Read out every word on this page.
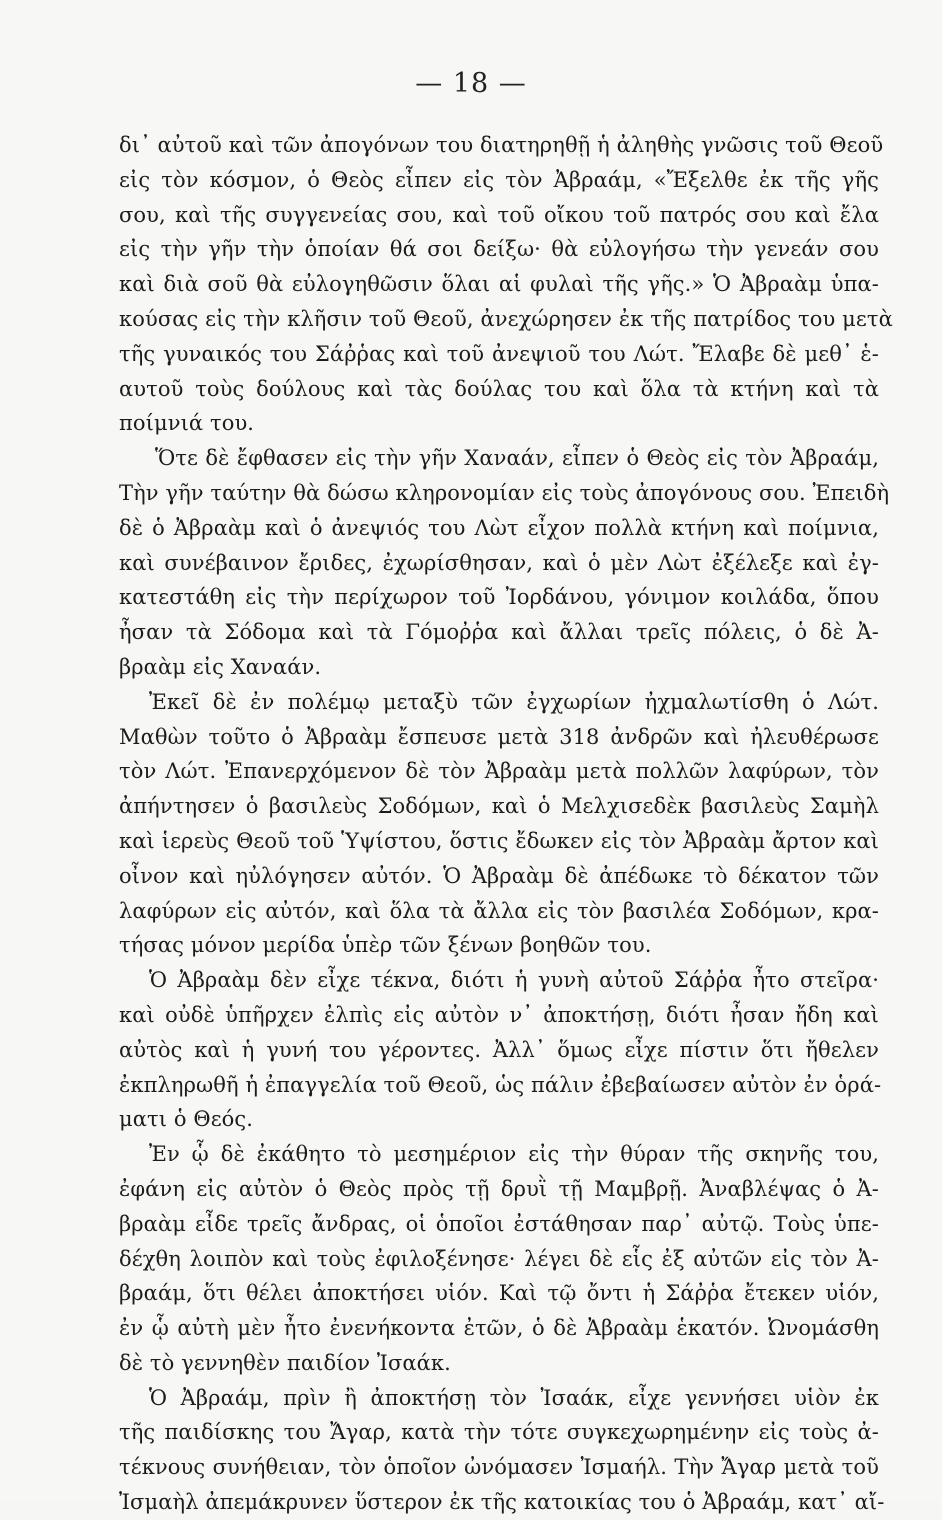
— 18 —
δι᾿ αὐτοῦ καὶ τῶν ἀπογόνων του διατηρηθῇ ἡ ἀληθὴς γνῶσις τοῦ Θεοῦ
εἰς τὸν κόσμον, ὁ Θεὸς εἶπεν εἰς τὸν Ἀβραάμ, «Ἔξελθε ἐκ τῆς γῆς
σου, καὶ τῆς συγγενείας σου, καὶ τοῦ οἴκου τοῦ πατρός σου καὶ ἔλα
εἰς τὴν γῆν τὴν ὁποίαν θά σοι δείξω· θὰ εὐλογήσω τὴν γενεάν σου
καὶ διὰ σοῦ θὰ εὐλογηθῶσιν ὅλαι αἱ φυλαὶ τῆς γῆς.» Ὁ Ἀβραὰμ ὑπα-
κούσας εἰς τὴν κλῆσιν τοῦ Θεοῦ, ἀνεχώρησεν ἐκ τῆς πατρίδος του μετὰ
τῆς γυναικός του Σάῤῥας καὶ τοῦ ἀνεψιοῦ του Λώτ. Ἔλαβε δὲ μεθ᾿ ἑ-
αυτοῦ τοὺς δούλους καὶ τὰς δούλας του καὶ ὅλα τὰ κτήνη καὶ τὰ
ποίμνιά του.
Ὅτε δὲ ἔφθασεν εἰς τὴν γῆν Χαναάν, εἶπεν ὁ Θεὸς εἰς τὸν Ἀβραάμ,
Τὴν γῆν ταύτην θὰ δώσω κληρονομίαν εἰς τοὺς ἀπογόνους σου. Ἐπειδὴ
δὲ ὁ Ἀβραὰμ καὶ ὁ ἀνεψιός του Λὼτ εἶχον πολλὰ κτήνη καὶ ποίμνια,
καὶ συνέβαινον ἔριδες, ἐχωρίσθησαν, καὶ ὁ μὲν Λὼτ ἐξέλεξε καὶ ἐγ-
κατεστάθη εἰς τὴν περίχωρον τοῦ Ἰορδάνου, γόνιμον κοιλάδα, ὅπου
ἦσαν τὰ Σόδομα καὶ τὰ Γόμοῤῥα καὶ ἄλλαι τρεῖς πόλεις, ὁ δὲ Ἀ-
βραὰμ εἰς Χαναάν.
Ἐκεῖ δὲ ἐν πολέμῳ μεταξὺ τῶν ἐγχωρίων ἠχμαλωτίσθη ὁ Λώτ.
Μαθὼν τοῦτο ὁ Ἀβραὰμ ἔσπευσε μετὰ 318 ἀνδρῶν καὶ ἠλευθέρωσε
τὸν Λώτ. Ἐπανερχόμενον δὲ τὸν Ἀβραὰμ μετὰ πολλῶν λαφύρων, τὸν
ἀπήντησεν ὁ βασιλεὺς Σοδόμων, καὶ ὁ Μελχισεδὲκ βασιλεὺς Σαμὴλ
καὶ ἱερεὺς Θεοῦ τοῦ Ὑψίστου, ὅστις ἔδωκεν εἰς τὸν Ἀβραὰμ ἄρτον καὶ
οἶνον καὶ ηὐλόγησεν αὐτόν. Ὁ Ἀβραὰμ δὲ ἀπέδωκε τὸ δέκατον τῶν
λαφύρων εἰς αὐτόν, καὶ ὅλα τὰ ἄλλα εἰς τὸν βασιλέα Σοδόμων, κρα-
τήσας μόνον μερίδα ὑπὲρ τῶν ξένων βοηθῶν του.
Ὁ Ἀβραὰμ δὲν εἶχε τέκνα, διότι ἡ γυνὴ αὐτοῦ Σάῤῥα ἦτο στεῖρα·
καὶ οὐδὲ ὑπῆρχεν ἐλπὶς εἰς αὐτὸν ν᾿ ἀποκτήσῃ, διότι ἦσαν ἤδη καὶ
αὐτὸς καὶ ἡ γυνή του γέροντες. Ἀλλ᾿ ὅμως εἶχε πίστιν ὅτι ἤθελεν
ἐκπληρωθῆ ἡ ἐπαγγελία τοῦ Θεοῦ, ὡς πάλιν ἐβεβαίωσεν αὐτὸν ἐν ὁρά-
ματι ὁ Θεός.
Ἐν ᾧ δὲ ἐκάθητο τὸ μεσημέριον εἰς τὴν θύραν τῆς σκηνῆς του,
ἐφάνη εἰς αὐτὸν ὁ Θεὸς πρὸς τῇ δρυῒ τῇ Μαμβρῇ. Ἀναβλέψας ὁ Ἀ-
βραὰμ εἶδε τρεῖς ἄνδρας, οἱ ὁποῖοι ἐστάθησαν παρ᾿ αὐτῷ. Τοὺς ὑπε-
δέχθη λοιπὸν καὶ τοὺς ἐφιλοξένησε· λέγει δὲ εἷς ἐξ αὐτῶν εἰς τὸν Ἀ-
βραάμ, ὅτι θέλει ἀποκτήσει υἱόν. Καὶ τῷ ὄντι ἡ Σάῤῥα ἔτεκεν υἱόν,
ἐν ᾧ αὐτὴ μὲν ἦτο ἐνενήκοντα ἐτῶν, ὁ δὲ Ἀβραὰμ ἑκατόν. Ὠνομάσθη
δὲ τὸ γεννηθὲν παιδίον Ἰσαάκ.
Ὁ Ἀβραάμ, πρὶν ἢ ἀποκτήσῃ τὸν Ἰσαάκ, εἶχε γεννήσει υἱὸν ἐκ
τῆς παιδίσκης του Ἄγαρ, κατὰ τὴν τότε συγκεχωρημένην εἰς τοὺς ἀ-
τέκνους συνήθειαν, τὸν ὁποῖον ὠνόμασεν Ἰσμαήλ. Τὴν Ἄγαρ μετὰ τοῦ
Ἰσμαὴλ ἀπεμάκρυνεν ὕστερον ἐκ τῆς κατοικίας του ὁ Ἀβραάμ, κατ᾿ αἴ-
